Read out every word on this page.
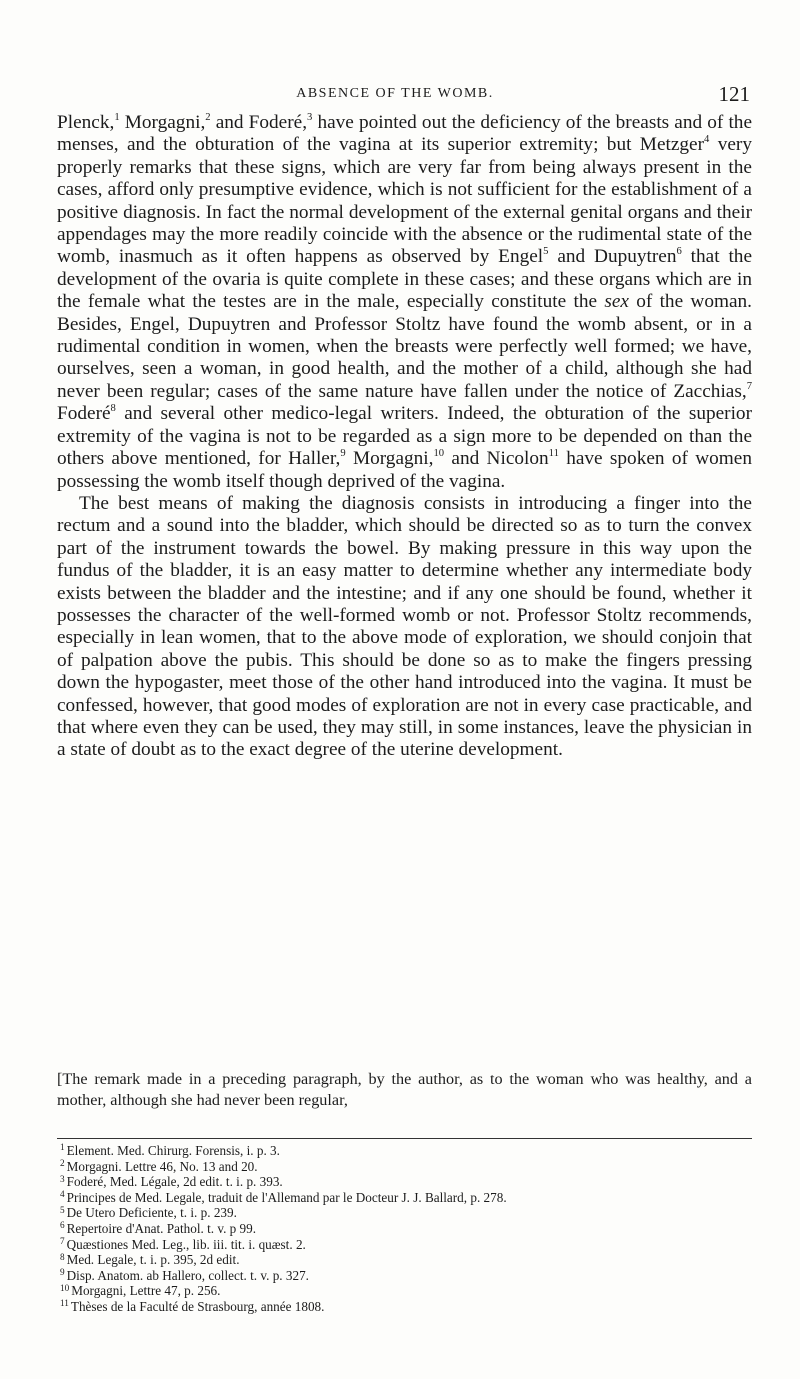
ABSENCE OF THE WOMB.	121

Plenck,$^1$ Morgagni,$^2$ and Foderé,$^3$ have pointed out the deficiency of the breasts and of the menses, and the obturation of the vagina at its superior extremity; but Metzger$^4$ very properly remarks that these signs, which are very far from being always present in the cases, afford only presumptive evidence, which is not sufficient for the establishment of a positive diagnosis. In fact the normal development of the external genital organs and their appendages may the more readily coincide with the absence or the rudimental state of the womb, inasmuch as it often happens as observed by Engel$^5$ and Dupuytren$^6$ that the development of the ovaria is quite complete in these cases; and these organs which are in the female what the testes are in the male, especially constitute the sex of the woman. Besides, Engel, Dupuytren and Professor Stoltz have found the womb absent, or in a rudimental condition in women, when the breasts were perfectly well formed; we have, ourselves, seen a woman, in good health, and the mother of a child, although she had never been regular; cases of the same nature have fallen under the notice of Zacchias,$^7$ Foderé$^8$ and several other medico-legal writers. Indeed, the obturation of the superior extremity of the vagina is not to be regarded as a sign more to be depended on than the others above mentioned, for Haller,$^9$ Morgagni,$^{10}$ and Nicolon$^{11}$ have spoken of women possessing the womb itself though deprived of the vagina.

The best means of making the diagnosis consists in introducing a finger into the rectum and a sound into the bladder, which should be directed so as to turn the convex part of the instrument towards the bowel. By making pressure in this way upon the fundus of the bladder, it is an easy matter to determine whether any intermediate body exists between the bladder and the intestine; and if any one should be found, whether it possesses the character of the well-formed womb or not. Professor Stoltz recommends, especially in lean women, that to the above mode of exploration, we should conjoin that of palpation above the pubis. This should be done so as to make the fingers pressing down the hypogaster, meet those of the other hand introduced into the vagina. It must be confessed, however, that good modes of exploration are not in every case practicable, and that where even they can be used, they may still, in some instances, leave the physician in a state of doubt as to the exact degree of the uterine development.

[The remark made in a preceding paragraph, by the author, as to the woman who was healthy, and a mother, although she had never been regular,
$^1$ Element. Med. Chirurg. Forensis, i. p. 3.
$^2$ Morgagni. Lettre 46, No. 13 and 20.
$^3$ Foderé, Med. Légale, 2d edit. t. i. p. 393.
$^4$ Principes de Med. Legale, traduit de l'Allemand par le Docteur J. J. Ballard, p. 278.
$^5$ De Utero Deficiente, t. i. p. 239.
$^6$ Repertoire d'Anat. Pathol. t. v. p 99.
$^7$ Quæstiones Med. Leg., lib. iii. tit. i. quæst. 2.
$^8$ Med. Legale, t. i. p. 395, 2d edit.
$^9$ Disp. Anatom. ab Hallero, collect. t. v. p. 327.
$^{10}$ Morgagni, Lettre 47, p. 256.
$^{11}$ Thèses de la Faculté de Strasbourg, année 1808.
